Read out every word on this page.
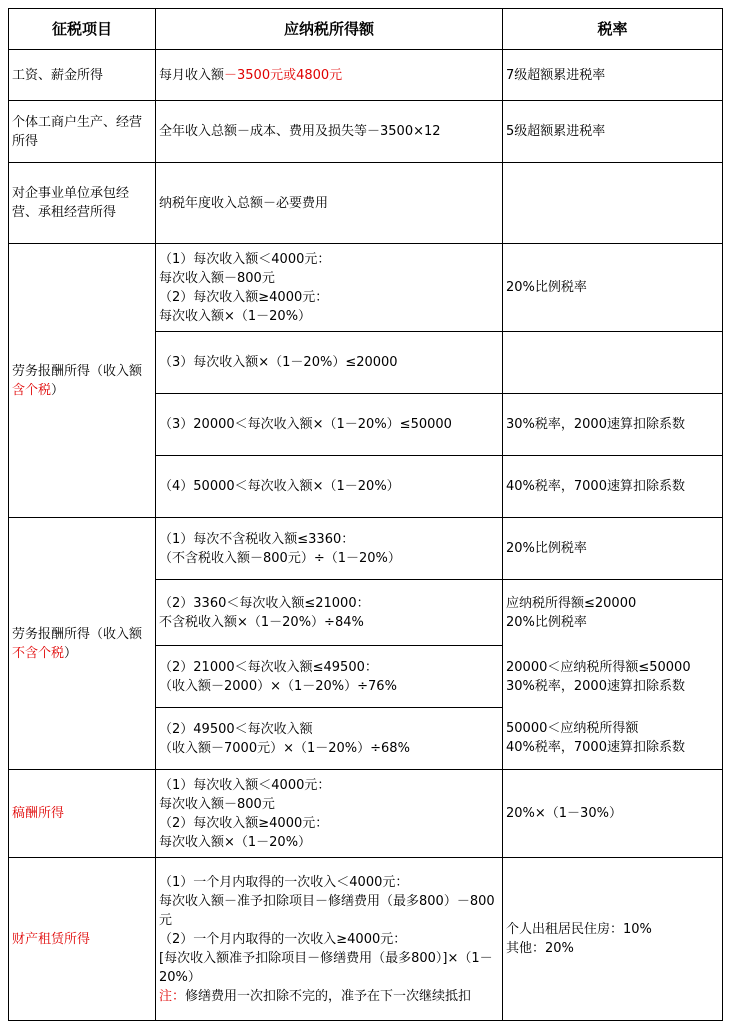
征税项目	应纳税所得额	税率
工资、薪金所得	每月收入额－3500元或4800元	7级超额累进税率
个体工商户生产、经营所得	全年收入总额－成本、费用及损失等－3500×12	5级超额累进税率
对企事业单位承包经营、承租经营所得	纳税年度收入总额－必要费用	
劳务报酬所得（收入额含个税）	（1）每次收入额＜4000元：
每次收入额－800元
（2）每次收入额≥4000元：
每次收入额×（1－20%）	20%比例税率

	（3）每次收入额×（1－20%）≤20000	

	（3）20000＜每次收入额×（1－20%）≤50000	30%税率，2000速算扣除系数

	（4）50000＜每次收入额×（1－20%）	40%税率，7000速算扣除系数
劳务报酬所得（收入额不含个税）	（1）每次不含税收入额≤3360：
（不含税收入额－800元）÷（1－20%）	20%比例税率

	（2）3360＜每次收入额≤21000：
不含税收入额×（1－20%）÷84%	应纳税所得额≤20000
20%比例税率

	（2）21000＜每次收入额≤49500：
（收入额－2000）×（1－20%）÷76%	20000＜应纳税所得额≤50000
30%税率，2000速算扣除系数

	（2）49500＜每次收入额
（收入额－7000元）×（1－20%）÷68%	50000＜应纳税所得额
40%税率，7000速算扣除系数

稿酬所得	（1）每次收入额＜4000元：
每次收入额－800元
（2）每次收入额≥4000元：
每次收入额×（1－20%）	20%×（1－30%）
财产租赁所得	（1）一个月内取得的一次收入＜4000元：
每次收入额－准予扣除项目－修缮费用（最多800）－800元
（2）一个月内取得的一次收入≥4000元：
[每次收入额准予扣除项目－修缮费用（最多800）]×（1－20%）
注：修缮费用一次扣除不完的，准予在下一次继续抵扣	个人出租居民住房：10%
其他：20%
